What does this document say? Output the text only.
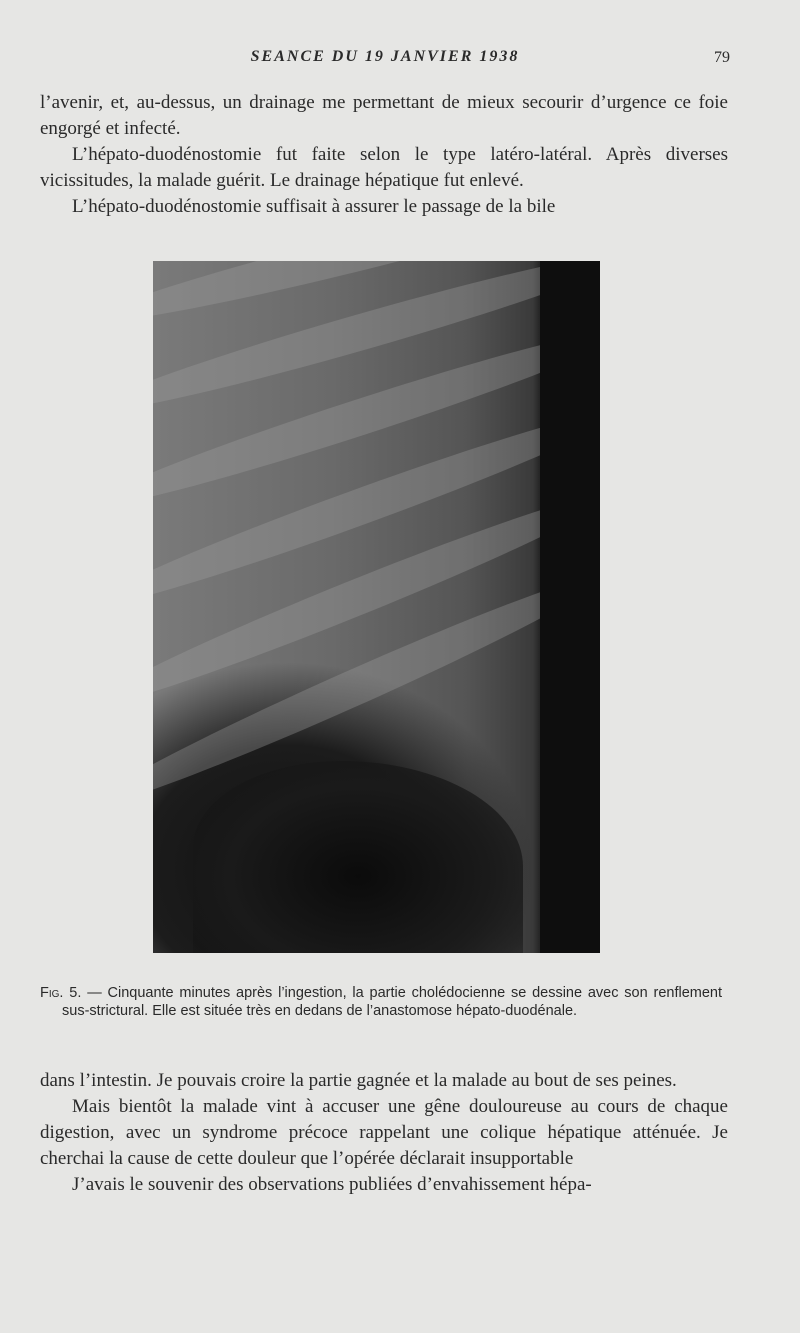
SEANCE DU 19 JANVIER 1938	79

l’avenir, et, au-dessus, un drainage me permettant de mieux secourir d’urgence ce foie engorgé et infecté.

L’hépato-duodénostomie fut faite selon le type latéro-latéral. Après diverses vicissitudes, la malade guérit. Le drainage hépatique fut enlevé.

L’hépato-duodénostomie suffisait à assurer le passage de la bile

Fig. 5. — Cinquante minutes après l’ingestion, la partie cholédocienne se dessine avec son renflement sus-strictural. Elle est située très en dedans de l’anastomose hépato-duodénale.

dans l’intestin. Je pouvais croire la partie gagnée et la malade au bout de ses peines.

Mais bientôt la malade vint à accuser une gêne douloureuse au cours de chaque digestion, avec un syndrome précoce rappelant une colique hépatique atténuée. Je cherchai la cause de cette douleur que l’opérée déclarait insupportable

J’avais le souvenir des observations publiées d’envahissement hépa-
